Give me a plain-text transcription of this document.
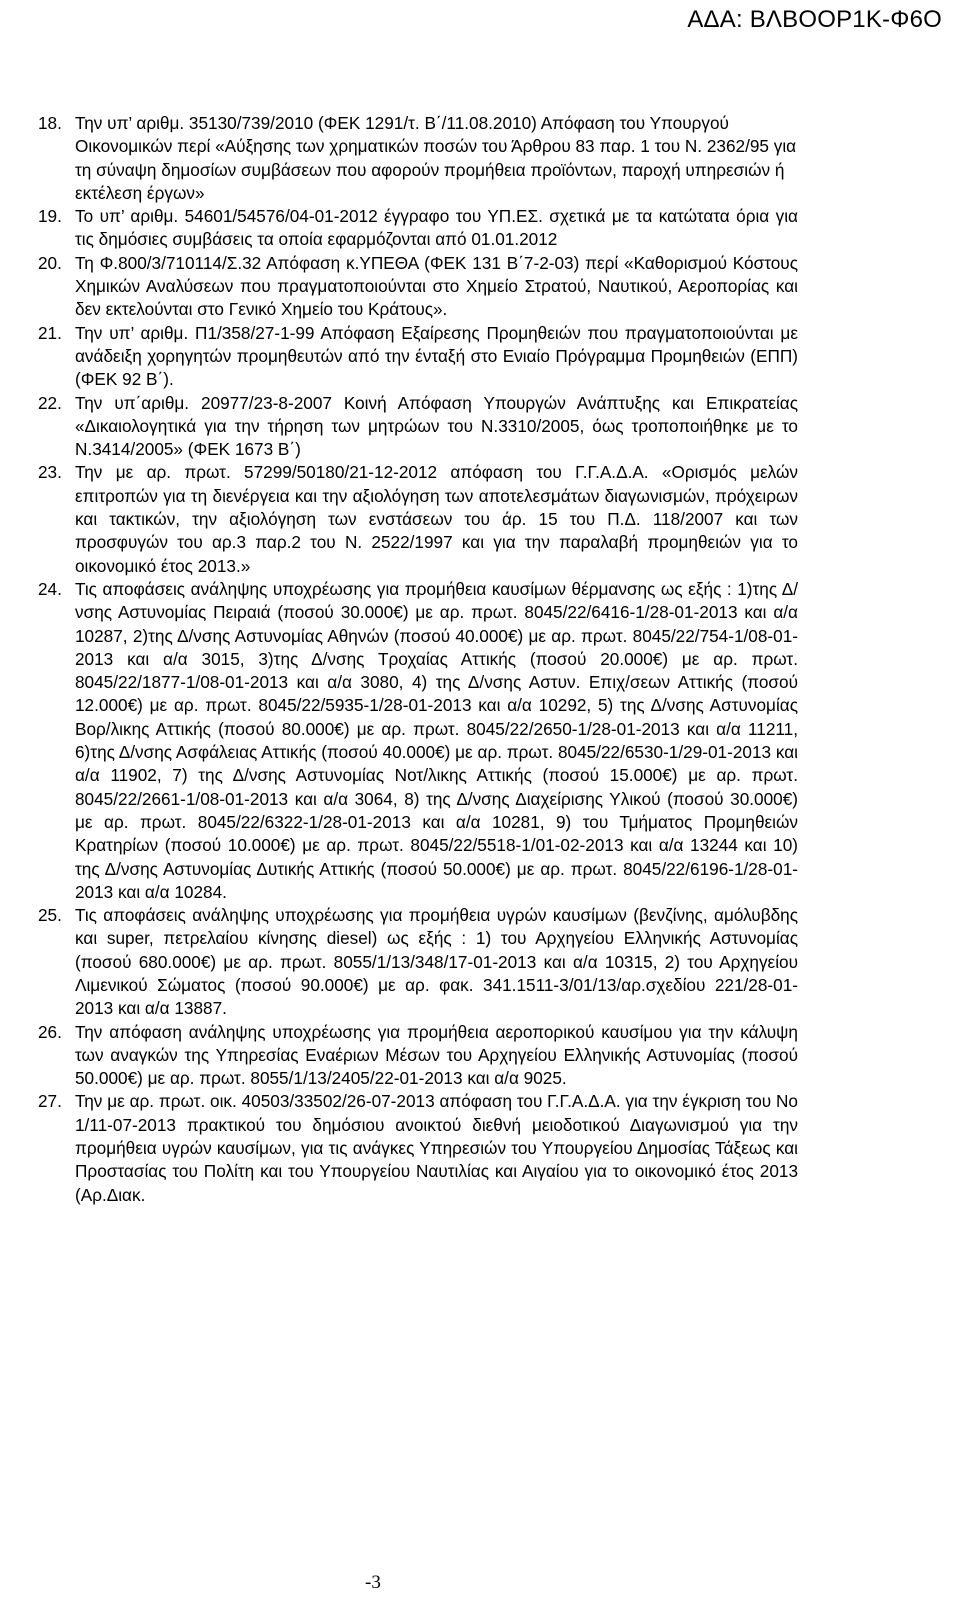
ΑΔΑ: ΒΛΒΟΟΡ1Κ-Φ6Ο
18. Την υπ’ αριθμ. 35130/739/2010 (ΦΕΚ 1291/τ. Β΄/11.08.2010) Απόφαση του Υπουργού Οικονομικών περί «Αύξησης των χρηματικών ποσών του Άρθρου 83 παρ. 1 του Ν. 2362/95 για τη σύναψη δημοσίων συμβάσεων που αφορούν προμήθεια προϊόντων, παροχή υπηρεσιών ή εκτέλεση έργων»
19. Το υπ’ αριθμ. 54601/54576/04-01-2012 έγγραφο του ΥΠ.ΕΣ. σχετικά με τα κατώτατα όρια για τις δημόσιες συμβάσεις τα οποία εφαρμόζονται από 01.01.2012
20. Τη Φ.800/3/710114/Σ.32 Απόφαση κ.ΥΠΕΘΑ (ΦΕΚ 131 Β΄7-2-03) περί «Καθορισμού Κόστους Χημικών Αναλύσεων που πραγματοποιούνται στο Χημείο Στρατού, Ναυτικού, Αεροπορίας και δεν εκτελούνται στο Γενικό Χημείο του Κράτους».
21. Την υπ’ αριθμ. Π1/358/27-1-99 Απόφαση Εξαίρεσης Προμηθειών που πραγματοποιούνται με ανάδειξη χορηγητών προμηθευτών από την ένταξή στο Ενιαίο Πρόγραμμα Προμηθειών (ΕΠΠ) (ΦΕΚ 92 Β΄).
22. Την υπ΄αριθμ. 20977/23-8-2007 Κοινή Απόφαση Υπουργών Ανάπτυξης και Επικρατείας «Δικαιολογητικά για την τήρηση των μητρώων του Ν.3310/2005, όως τροποποιήθηκε με το Ν.3414/2005» (ΦΕΚ 1673 Β΄)
23. Την με αρ. πρωτ. 57299/50180/21-12-2012 απόφαση του Γ.Γ.Α.Δ.Α. «Ορισμός μελών επιτροπών για τη διενέργεια και την αξιολόγηση των αποτελεσμάτων διαγωνισμών, πρόχειρων και τακτικών, την αξιολόγηση των ενστάσεων του άρ. 15 του Π.Δ. 118/2007 και των προσφυγών του αρ.3 παρ.2 του Ν. 2522/1997 και για την παραλαβή προμηθειών για το οικονομικό έτος 2013.»
24. Τις αποφάσεις ανάληψης υποχρέωσης για προμήθεια καυσίμων θέρμανσης ως εξής : 1)της Δ/νσης Αστυνομίας Πειραιά (ποσού 30.000€) με αρ. πρωτ. 8045/22/6416-1/28-01-2013 και α/α 10287, 2)της Δ/νσης Αστυνομίας Αθηνών (ποσού 40.000€) με αρ. πρωτ. 8045/22/754-1/08-01-2013 και α/α 3015, 3)της Δ/νσης Τροχαίας Αττικής (ποσού 20.000€) με αρ. πρωτ. 8045/22/1877-1/08-01-2013 και α/α 3080, 4) της Δ/νσης Αστυν. Επιχ/σεων Αττικής (ποσού 12.000€) με αρ. πρωτ. 8045/22/5935-1/28-01-2013 και α/α 10292, 5) της Δ/νσης Αστυνομίας Βορ/λικης Αττικής (ποσού 80.000€) με αρ. πρωτ. 8045/22/2650-1/28-01-2013 και α/α 11211, 6)της Δ/νσης Ασφάλειας Αττικής (ποσού 40.000€) με αρ. πρωτ. 8045/22/6530-1/29-01-2013 και α/α 11902, 7) της Δ/νσης Αστυνομίας Νοτ/λικης Αττικής (ποσού 15.000€) με αρ. πρωτ. 8045/22/2661-1/08-01-2013 και α/α 3064, 8) της Δ/νσης Διαχείρισης Υλικού (ποσού 30.000€) με αρ. πρωτ. 8045/22/6322-1/28-01-2013 και α/α 10281, 9) του Τμήματος Προμηθειών Κρατηρίων (ποσού 10.000€) με αρ. πρωτ. 8045/22/5518-1/01-02-2013 και α/α 13244 και 10) της Δ/νσης Αστυνομίας Δυτικής Αττικής (ποσού 50.000€) με αρ. πρωτ. 8045/22/6196-1/28-01-2013 και α/α 10284.
25. Τις αποφάσεις ανάληψης υποχρέωσης για προμήθεια υγρών καυσίμων (βενζίνης, αμόλυβδης και super, πετρελαίου κίνησης diesel) ως εξής : 1) του Αρχηγείου Ελληνικής Αστυνομίας (ποσού 680.000€) με αρ. πρωτ. 8055/1/13/348/17-01-2013 και α/α 10315, 2) του Αρχηγείου Λιμενικού Σώματος (ποσού 90.000€) με αρ. φακ. 341.1511-3/01/13/αρ.σχεδίου 221/28-01-2013 και α/α 13887.
26. Την απόφαση ανάληψης υποχρέωσης για προμήθεια αεροπορικού καυσίμου για την κάλυψη των αναγκών της Υπηρεσίας Εναέριων Μέσων του Αρχηγείου Ελληνικής Αστυνομίας (ποσού 50.000€) με αρ. πρωτ. 8055/1/13/2405/22-01-2013 και α/α 9025.
27. Την με αρ. πρωτ. οικ. 40503/33502/26-07-2013 απόφαση του Γ.Γ.Α.Δ.Α. για την έγκριση του Νο 1/11-07-2013 πρακτικού του δημόσιου ανοικτού διεθνή μειοδοτικού Διαγωνισμού για την προμήθεια υγρών καυσίμων, για τις ανάγκες Υπηρεσιών του Υπουργείου Δημοσίας Τάξεως και Προστασίας του Πολίτη και του Υπουργείου Ναυτιλίας και Αιγαίου για το οικονομικό έτος 2013 (Αρ.Διακ.
-3
